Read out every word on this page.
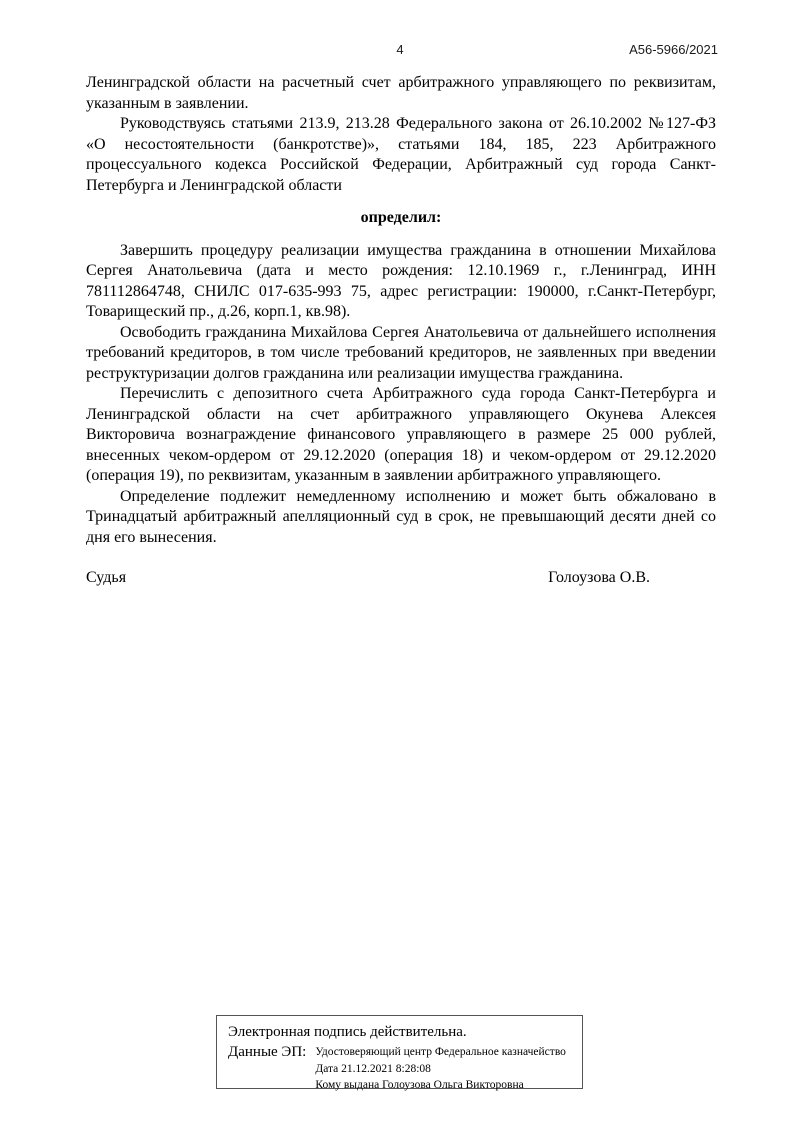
4	А56-5966/2021

Ленинградской области на расчетный счет арбитражного управляющего по реквизитам, указанным в заявлении.

Руководствуясь статьями 213.9, 213.28 Федерального закона от 26.10.2002 №127-ФЗ «О несостоятельности (банкротстве)», статьями 184, 185, 223 Арбитражного процессуального кодекса Российской Федерации, Арбитражный суд города Санкт-Петербурга и Ленинградской области

определил:

Завершить процедуру реализации имущества гражданина в отношении Михайлова Сергея Анатольевича (дата и место рождения: 12.10.1969 г., г.Ленинград, ИНН 781112864748, СНИЛС 017-635-993 75, адрес регистрации: 190000, г.Санкт-Петербург, Товарищеский пр., д.26, корп.1, кв.98).

Освободить гражданина Михайлова Сергея Анатольевича от дальнейшего исполнения требований кредиторов, в том числе требований кредиторов, не заявленных при введении реструктуризации долгов гражданина или реализации имущества гражданина.

Перечислить с депозитного счета Арбитражного суда города Санкт-Петербурга и Ленинградской области на счет арбитражного управляющего Окунева Алексея Викторовича вознаграждение финансового управляющего в размере 25 000 рублей, внесенных чеком-ордером от 29.12.2020 (операция 18) и чеком-ордером от 29.12.2020 (операция 19), по реквизитам, указанным в заявлении арбитражного управляющего.

Определение подлежит немедленному исполнению и может быть обжаловано в Тринадцатый арбитражный апелляционный суд в срок, не превышающий десяти дней со дня его вынесения.

Судья	Голоузова О.В.

Электронная подпись действительна.
Данные ЭП: Удостоверяющий центр Федеральное казначейство
Дата 21.12.2021 8:28:08
Кому выдана Голоузова Ольга Викторовна
